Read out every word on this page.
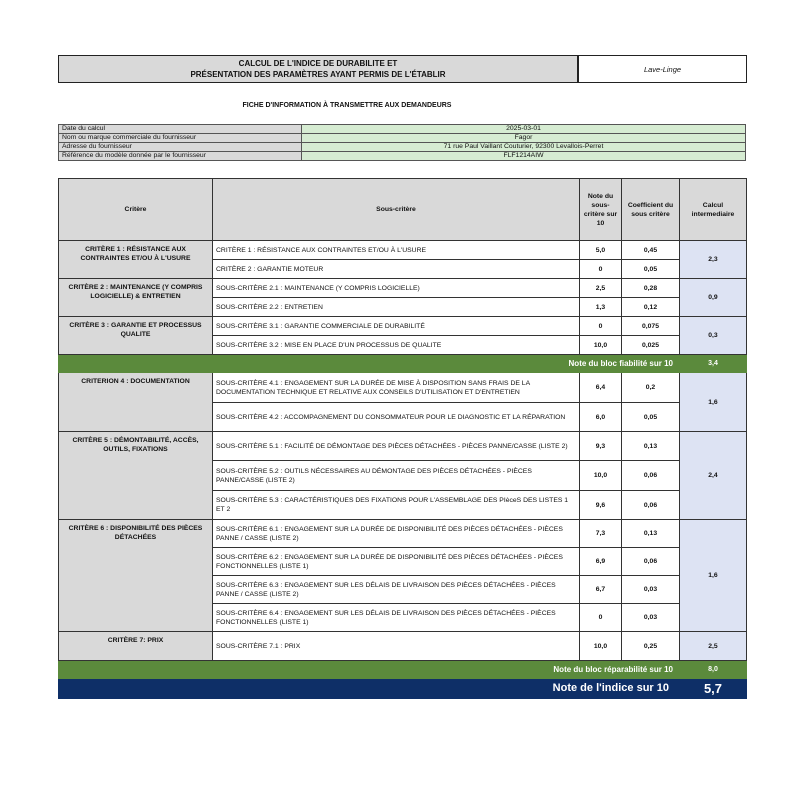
CALCUL DE L'INDICE DE DURABILITE ET
PRÉSENTATION DES PARAMÈTRES AYANT PERMIS DE L'ÉTABLIR
Lave-Linge
FICHE D'INFORMATION À TRANSMETTRE AUX DEMANDEURS
Date du calcul	2025-03-01
Nom ou marque commerciale du fournisseur	Fagor
Adresse du fournisseur	71 rue Paul Vaillant Couturier, 92300 Levallois-Perret
Référence du modèle donnée par le fournisseur	FLF1214AIW
Critère	Sous-critère	Note du sous-critère sur 10	Coefficient du sous critère	Calcul intermediaire
CRITÈRE 1 : RÉSISTANCE AUX CONTRAINTES ET/OU À L'USURE	CRITÈRE 1 : RÉSISTANCE AUX CONTRAINTES ET/OU À L'USURE	5,0	0,45	2,3
	CRITÈRE 2 : GARANTIE MOTEUR	0	0,05	
CRITÈRE 2 : MAINTENANCE (Y COMPRIS LOGICIELLE) & ENTRETIEN	SOUS-CRITÈRE 2.1 : MAINTENANCE (Y COMPRIS LOGICIELLE)	2,5	0,28	0,9
	SOUS-CRITÈRE 2.2 : ENTRETIEN	1,3	0,12	
CRITÈRE 3 : GARANTIE ET PROCESSUS QUALITE	SOUS-CRITÈRE 3.1 : GARANTIE COMMERCIALE DE DURABILITÉ	0	0,075	0,3
	SOUS-CRITÈRE 3.2 : MISE EN PLACE D'UN PROCESSUS DE QUALITE	10,0	0,025	
Note du bloc fiabilité sur 10				3,4
CRITERION 4 : DOCUMENTATION	SOUS-CRITÈRE 4.1 : ENGAGEMENT SUR LA DURÉE DE MISE À DISPOSITION SANS FRAIS DE LA DOCUMENTATION TECHNIQUE ET RELATIVE AUX CONSEILS D'UTILISATION ET D'ENTRETIEN	6,4	0,2	1,6
	SOUS-CRITÈRE 4.2 : ACCOMPAGNEMENT DU CONSOMMATEUR POUR LE DIAGNOSTIC ET LA RÉPARATION	6,0	0,05	
CRITÈRE 5 : DÉMONTABILITÉ, ACCÈS, OUTILS, FIXATIONS	SOUS-CRITÈRE 5.1 : FACILITÉ DE DÉMONTAGE DES PIÈCES DÉTACHÉES - PIÈCES PANNE/CASSE (LISTE 2)	9,3	0,13	2,4
	SOUS-CRITÈRE 5.2 : OUTILS NÉCESSAIRES AU DÉMONTAGE DES PIÈCES DÉTACHÉES - PIÈCES PANNE/CASSE (LISTE 2)	10,0	0,06	
	SOUS-CRITÈRE 5.3 : CARACTÉRISTIQUES DES FIXATIONS POUR L'ASSEMBLAGE DES PIèceS DES LISTES 1 ET 2	9,6	0,06	
CRITÈRE 6 : DISPONIBILITÉ DES PIÈCES DÉTACHÉES	SOUS-CRITÈRE 6.1 : ENGAGEMENT SUR LA DURÉE DE DISPONIBILITÉ DES PIÈCES DÉTACHÉES - PIÈCES PANNE / CASSE (LISTE 2)	7,3	0,13	1,6
	SOUS-CRITÈRE 6.2 : ENGAGEMENT SUR LA DURÉE DE DISPONIBILITÉ DES PIÈCES DÉTACHÉES - PIÈCES FONCTIONNELLES (LISTE 1)	6,9	0,06	
	SOUS-CRITÈRE 6.3 : ENGAGEMENT SUR LES DÉLAIS DE LIVRAISON DES PIÈCES DÉTACHÉES - PIÈCES PANNE / CASSE (LISTE 2)	6,7	0,03	
	SOUS-CRITÈRE 6.4 : ENGAGEMENT SUR LES DÉLAIS DE LIVRAISON DES PIÈCES DÉTACHÉES - PIÈCES FONCTIONNELLES (LISTE 1)	0	0,03	
CRITÈRE 7: PRIX	SOUS-CRITÈRE 7.1 : PRIX	10,0	0,25	2,5
Note du bloc réparabilité sur 10				8,0
Note de l'indice sur 10				5,7
